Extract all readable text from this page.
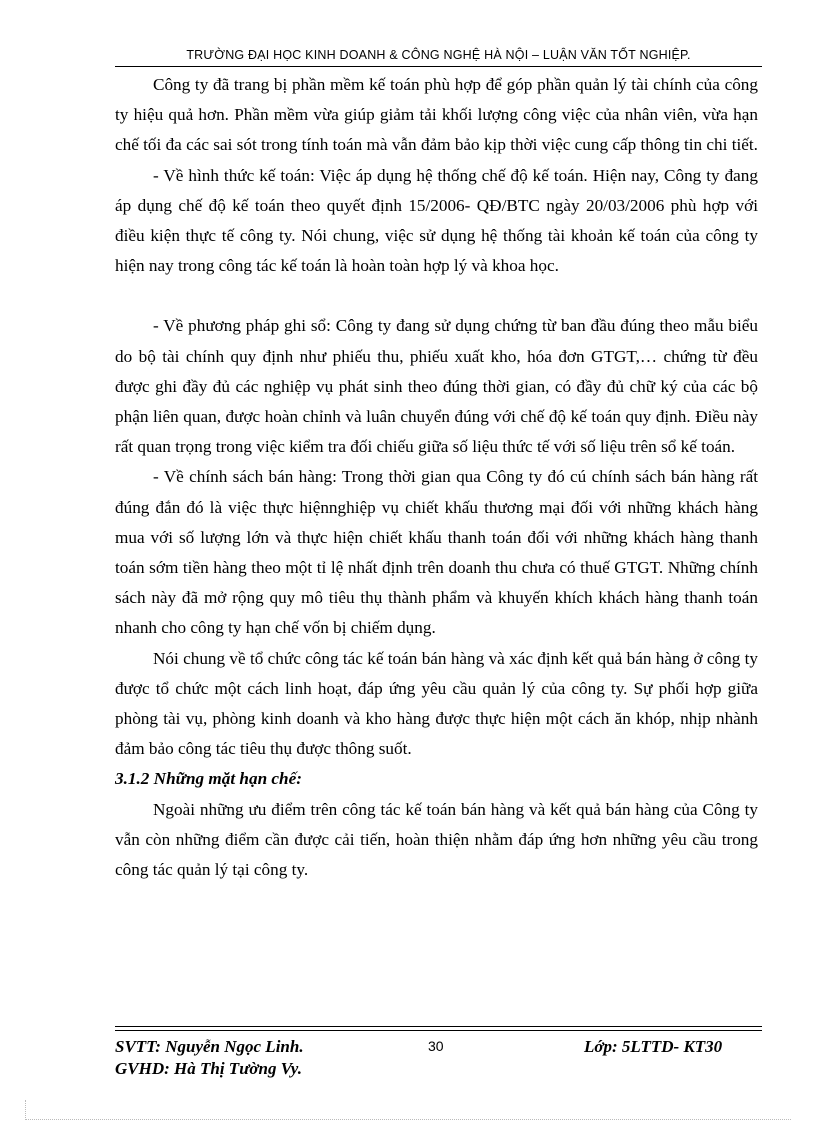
TRƯỜNG ĐẠI HỌC KINH DOANH & CÔNG NGHỆ HÀ NỘI – LUẬN VĂN TỐT NGHIỆP.

Công ty đã trang bị phần mềm kế toán phù hợp để góp phần quản lý tài chính của công ty hiệu quả hơn. Phần mềm vừa giúp giảm tải khối lượng công việc của nhân viên, vừa hạn chế tối đa các sai sót trong tính toán mà vẫn đảm bảo kịp thời việc cung cấp thông tin chi tiết.

- Về hình thức kế toán: Việc áp dụng hệ thống chế độ kế toán. Hiện nay, Công ty đang áp dụng chế độ kế toán theo quyết định 15/2006- QĐ/BTC ngày 20/03/2006 phù hợp với điều kiện thực tế công ty. Nói chung, việc sử dụng hệ thống tài khoản kế toán của công ty hiện nay trong công tác kế toán là hoàn toàn hợp lý và khoa học.

- Về phương pháp ghi sổ: Công ty đang sử dụng chứng từ ban đầu đúng theo mẫu biểu do bộ tài chính quy định như phiếu thu, phiếu xuất kho, hóa đơn GTGT,… chứng từ đều được ghi đầy đủ các nghiệp vụ phát sinh theo đúng thời gian, có đầy đủ chữ ký của các bộ phận liên quan, được hoàn chỉnh và luân chuyển đúng với chế độ kế toán quy định. Điều này rất quan trọng trong việc kiểm tra đối chiếu giữa số liệu thức tế với số liệu trên sổ kế toán.

- Về chính sách bán hàng: Trong thời gian qua Công ty đó cú chính sách bán hàng rất đúng đắn đó là việc thực hiệnnghiệp vụ chiết khấu thương mại đối với những khách hàng mua với số lượng lớn và thực hiện chiết khấu thanh toán đối với những khách hàng thanh toán sớm tiền hàng theo một tỉ lệ nhất định trên doanh thu chưa có thuế GTGT. Những chính sách này đã mở rộng quy mô tiêu thụ thành phẩm và khuyến khích khách hàng thanh toán nhanh cho công ty hạn chế vốn bị chiếm dụng.

Nói chung về tổ chức công tác kế toán bán hàng và xác định kết quả bán hàng ở công ty được tổ chức một cách linh hoạt, đáp ứng yêu cầu quản lý của công ty. Sự phối hợp giữa phòng tài vụ, phòng kinh doanh và kho hàng được thực hiện một cách ăn khóp, nhịp nhành đảm bảo công tác tiêu thụ được thông suốt.

3.1.2 Những mặt hạn chế:

Ngoài những ưu điểm trên công tác kế toán bán hàng và kết quả bán hàng của Công ty vẫn còn những điểm cần được cải tiến, hoàn thiện nhằm đáp ứng hơn những yêu cầu trong công tác quản lý tại công ty.

SVTT: Nguyễn Ngọc Linh.
GVHD: Hà Thị Tường Vy.
30	Lớp: 5LTTD- KT30
